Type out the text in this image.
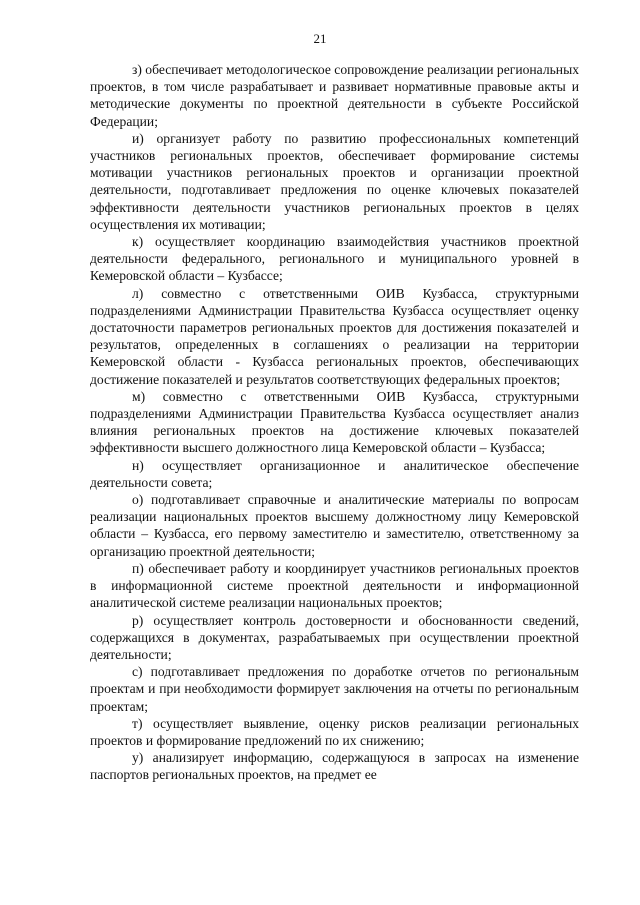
21

з) обеспечивает методологическое сопровождение реализации региональных проектов, в том числе разрабатывает и развивает нормативные правовые акты и методические документы по проектной деятельности в субъекте Российской Федерации;

и) организует работу по развитию профессиональных компетенций участников региональных проектов, обеспечивает формирование системы мотивации участников региональных проектов и организации проектной деятельности, подготавливает предложения по оценке ключевых показателей эффективности деятельности участников региональных проектов в целях осуществления их мотивации;

к) осуществляет координацию взаимодействия участников проектной деятельности федерального, регионального и муниципального уровней в Кемеровской области – Кузбассе;

л) совместно с ответственными ОИВ Кузбасса, структурными подразделениями Администрации Правительства Кузбасса осуществляет оценку достаточности параметров региональных проектов для достижения показателей и результатов, определенных в соглашениях о реализации на территории Кемеровской области - Кузбасса региональных проектов, обеспечивающих достижение показателей и результатов соответствующих федеральных проектов;

м) совместно с ответственными ОИВ Кузбасса, структурными подразделениями Администрации Правительства Кузбасса осуществляет анализ влияния региональных проектов на достижение ключевых показателей эффективности высшего должностного лица Кемеровской области – Кузбасса;

н) осуществляет организационное и аналитическое обеспечение деятельности совета;

о) подготавливает справочные и аналитические материалы по вопросам реализации национальных проектов высшему должностному лицу Кемеровской области – Кузбасса, его первому заместителю и заместителю, ответственному за организацию проектной деятельности;

п) обеспечивает работу и координирует участников региональных проектов в информационной системе проектной деятельности и информационной аналитической системе реализации национальных проектов;

р) осуществляет контроль достоверности и обоснованности сведений, содержащихся в документах, разрабатываемых при осуществлении проектной деятельности;

с) подготавливает предложения по доработке отчетов по региональным проектам и при необходимости формирует заключения на отчеты по региональным проектам;

т) осуществляет выявление, оценку рисков реализации региональных проектов и формирование предложений по их снижению;

у) анализирует информацию, содержащуюся в запросах на изменение паспортов региональных проектов, на предмет ее
